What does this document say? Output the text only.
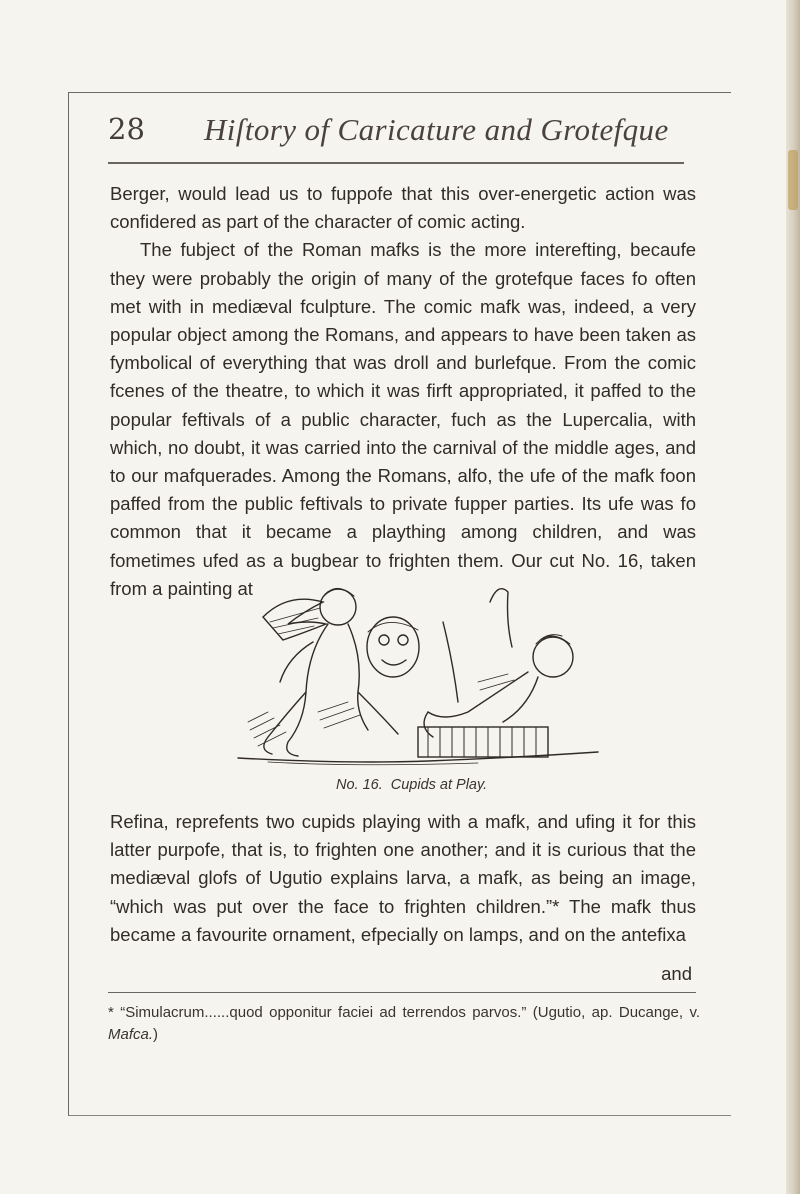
28 Hiſtory of Caricature and Grotefque

Berger, would lead us to fuppofe that this over-energetic action was confidered as part of the character of comic acting.

The fubject of the Roman mafks is the more interefting, becaufe they were probably the origin of many of the grotefque faces fo often met with in mediæval fculpture. The comic mafk was, indeed, a very popular object among the Romans, and appears to have been taken as fymbolical of everything that was droll and burlefque. From the comic fcenes of the theatre, to which it was firft appropriated, it paffed to the popular feftivals of a public character, fuch as the Lupercalia, with which, no doubt, it was carried into the carnival of the middle ages, and to our mafquerades. Among the Romans, alfo, the ufe of the mafk foon paffed from the public feftivals to private fupper parties. Its ufe was fo common that it became a plaything among children, and was fometimes ufed as a bugbear to frighten them. Our cut No. 16, taken from a painting at

No. 16. Cupids at Play.

Refina, reprefents two cupids playing with a mafk, and ufing it for this latter purpofe, that is, to frighten one another; and it is curious that the mediæval glofs of Ugutio explains larva, a mafk, as being an image, “which was put over the face to frighten children.”* The mafk thus became a favourite ornament, efpecially on lamps, and on the antefixa

and

* “Simulacrum......quod opponitur faciei ad terrendos parvos.” (Ugutio, ap. Ducange, v. Mafca.)
